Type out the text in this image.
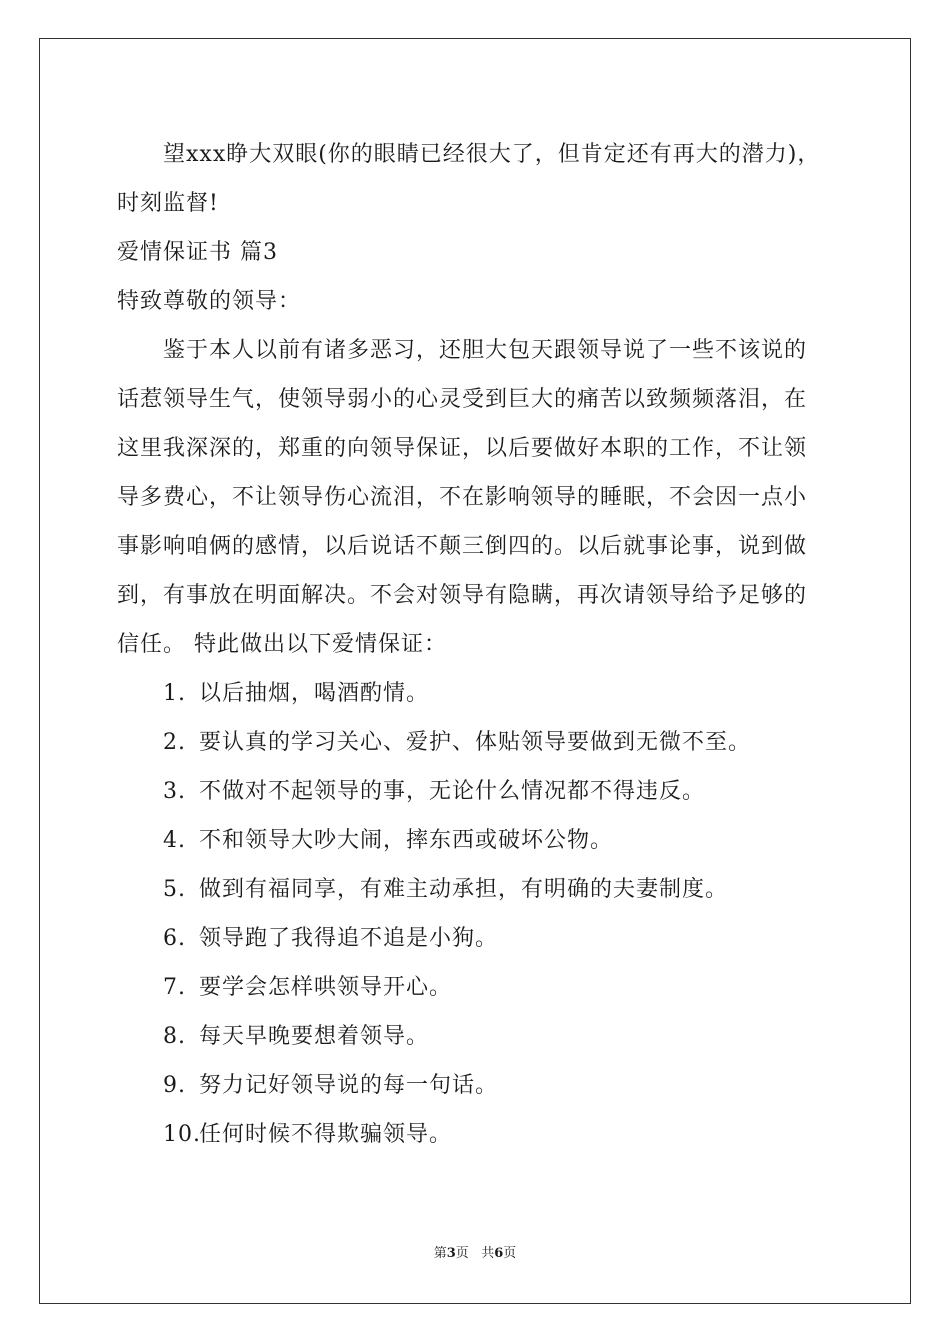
望xxx睁大双眼(你的眼睛已经很大了，但肯定还有再大的潜力)，
时刻监督!
爱情保证书 篇3
特致尊敬的领导：
鉴于本人以前有诸多恶习，还胆大包天跟领导说了一些不该说的
话惹领导生气，使领导弱小的心灵受到巨大的痛苦以致频频落泪，在
这里我深深的，郑重的向领导保证，以后要做好本职的工作，不让领
导多费心，不让领导伤心流泪，不在影响领导的睡眠，不会因一点小
事影响咱俩的感情，以后说话不颠三倒四的。以后就事论事，说到做
到，有事放在明面解决。不会对领导有隐瞒，再次请领导给予足够的
信任。 特此做出以下爱情保证：
1. 以后抽烟，喝酒酌情。
2. 要认真的学习关心、爱护、体贴领导要做到无微不至。
3. 不做对不起领导的事，无论什么情况都不得违反。
4. 不和领导大吵大闹，摔东西或破坏公物。
5. 做到有福同享，有难主动承担，有明确的夫妻制度。
6. 领导跑了我得追不追是小狗。
7. 要学会怎样哄领导开心。
8. 每天早晚要想着领导。
9. 努力记好领导说的每一句话。
10.
任何时候不得欺骗领导。
第3页   共6页
